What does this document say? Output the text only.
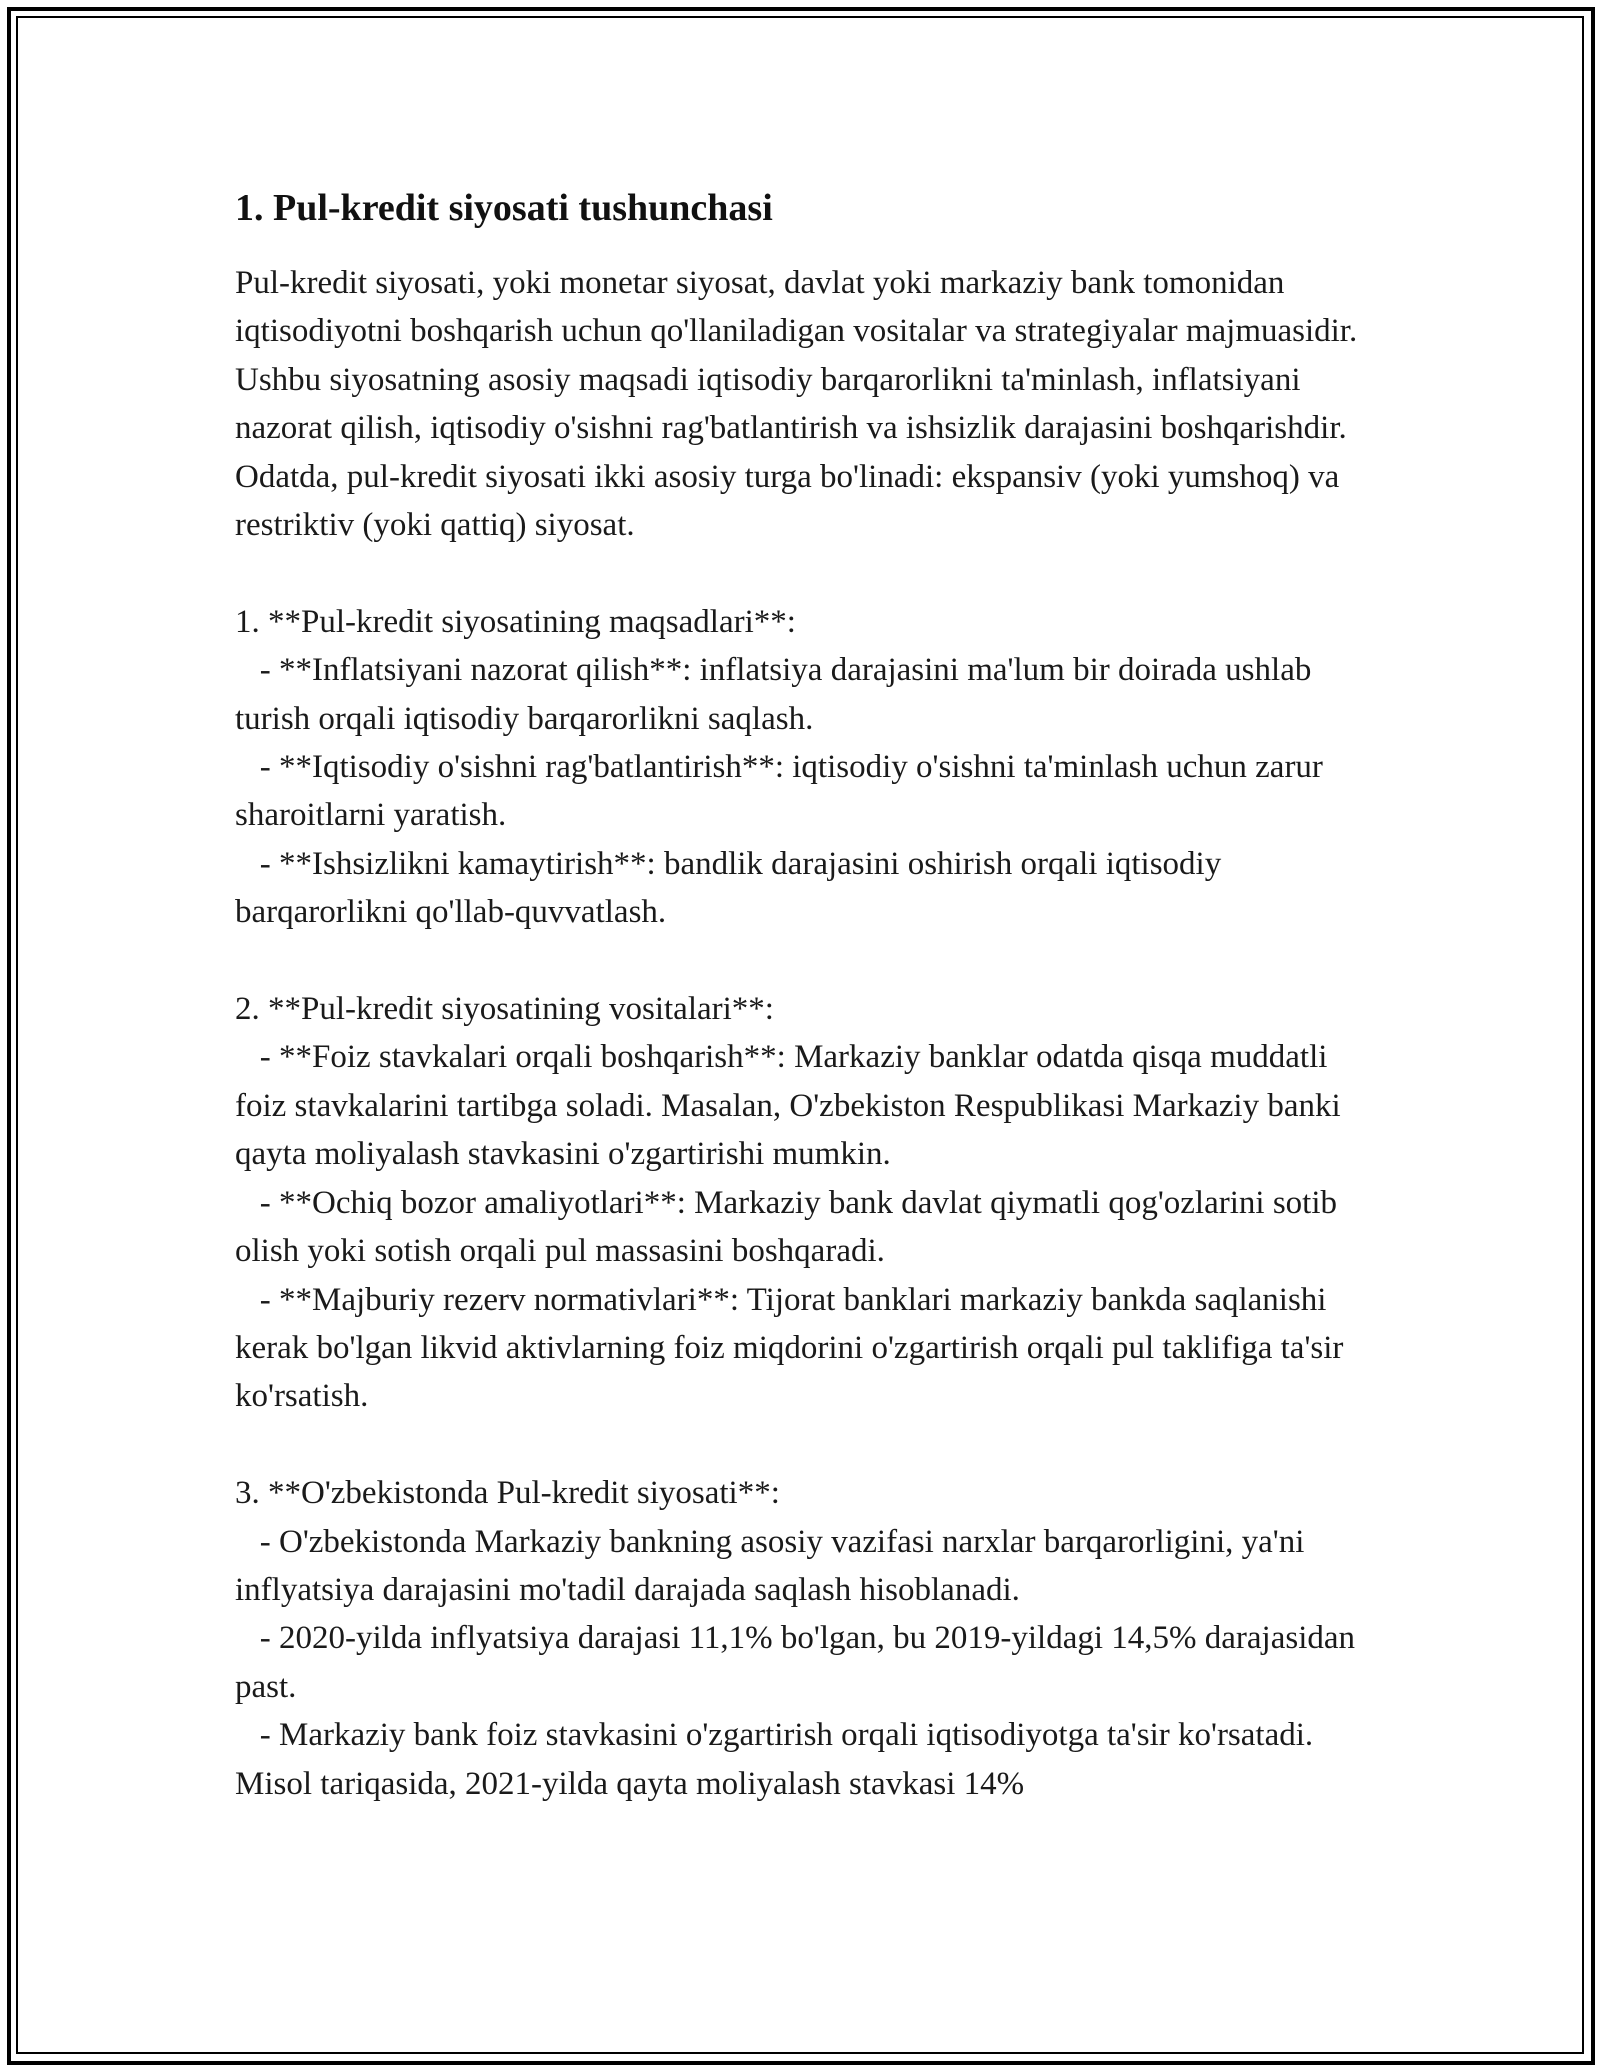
1. Pul-kredit siyosati tushunchasi

Pul-kredit siyosati, yoki monetar siyosat, davlat yoki markaziy bank tomonidan iqtisodiyotni boshqarish uchun qo'llaniladigan vositalar va strategiyalar majmuasidir. Ushbu siyosatning asosiy maqsadi iqtisodiy barqarorlikni ta'minlash, inflatsiyani nazorat qilish, iqtisodiy o'sishni rag'batlantirish va ishsizlik darajasini boshqarishdir. Odatda, pul-kredit siyosati ikki asosiy turga bo'linadi: ekspansiv (yoki yumshoq) va restriktiv (yoki qattiq) siyosat.

1. **Pul-kredit siyosatining maqsadlari**:

- **Inflatsiyani nazorat qilish**: inflatsiya darajasini ma'lum bir doirada ushlab turish orqali iqtisodiy barqarorlikni saqlash.

- **Iqtisodiy o'sishni rag'batlantirish**: iqtisodiy o'sishni ta'minlash uchun zarur sharoitlarni yaratish.

- **Ishsizlikni kamaytirish**: bandlik darajasini oshirish orqali iqtisodiy barqarorlikni qo'llab-quvvatlash.

2. **Pul-kredit siyosatining vositalari**:

- **Foiz stavkalari orqali boshqarish**: Markaziy banklar odatda qisqa muddatli foiz stavkalarini tartibga soladi. Masalan, O'zbekiston Respublikasi Markaziy banki qayta moliyalash stavkasini o'zgartirishi mumkin.

- **Ochiq bozor amaliyotlari**: Markaziy bank davlat qiymatli qog'ozlarini sotib olish yoki sotish orqali pul massasini boshqaradi.

- **Majburiy rezerv normativlari**: Tijorat banklari markaziy bankda saqlanishi kerak bo'lgan likvid aktivlarning foiz miqdorini o'zgartirish orqali pul taklifiga ta'sir ko'rsatish.

3. **O'zbekistonda Pul-kredit siyosati**:

- O'zbekistonda Markaziy bankning asosiy vazifasi narxlar barqarorligini, ya'ni inflyatsiya darajasini mo'tadil darajada saqlash hisoblanadi.

- 2020-yilda inflyatsiya darajasi 11,1% bo'lgan, bu 2019-yildagi 14,5% darajasidan past.

- Markaziy bank foiz stavkasini o'zgartirish orqali iqtisodiyotga ta'sir ko'rsatadi. Misol tariqasida, 2021-yilda qayta moliyalash stavkasi 14%
